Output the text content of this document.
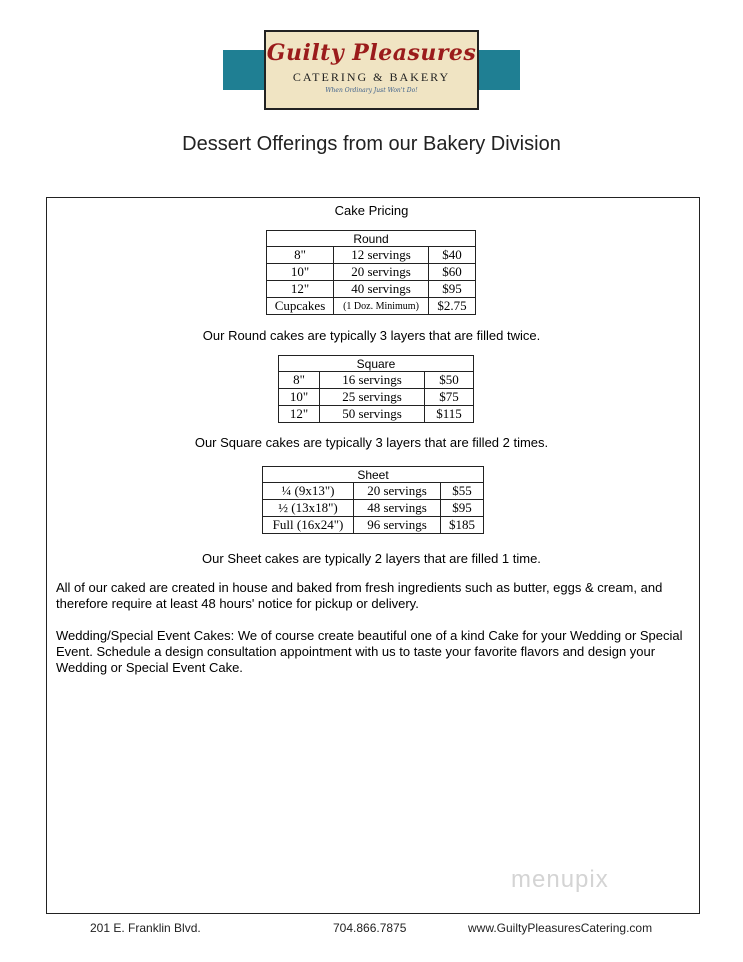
Guilty Pleasures
CATERING & BAKERY
When Ordinary Just Won't Do!
Dessert Offerings from our Bakery Division
Cake Pricing
Round		
8"	12 servings	$40
10"	20 servings	$60
12"	40 servings	$95
Cupcakes	(1 Doz. Minimum)	$2.75
Our Round cakes are typically 3 layers that are filled twice.
Square		
8"	16 servings	$50
10"	25 servings	$75
12"	50 servings	$115
Our Square cakes are typically 3 layers that are filled 2 times.
Sheet		
¼ (9x13")	20 servings	$55
½ (13x18")	48 servings	$95
Full (16x24")	96 servings	$185
Our Sheet cakes are typically 2 layers that are filled 1 time.
All of our caked are created in house and baked from fresh ingredients such as butter, eggs & cream, and therefore require at least 48 hours' notice for pickup or delivery.
Wedding/Special Event Cakes: We of course create beautiful one of a kind Cake for your Wedding or Special Event. Schedule a design consultation appointment with us to taste your favorite flavors and design your Wedding or Special Event Cake.
menupix
201 E. Franklin Blvd.	704.866.7875	www.GuiltyPleasuresCatering.com
